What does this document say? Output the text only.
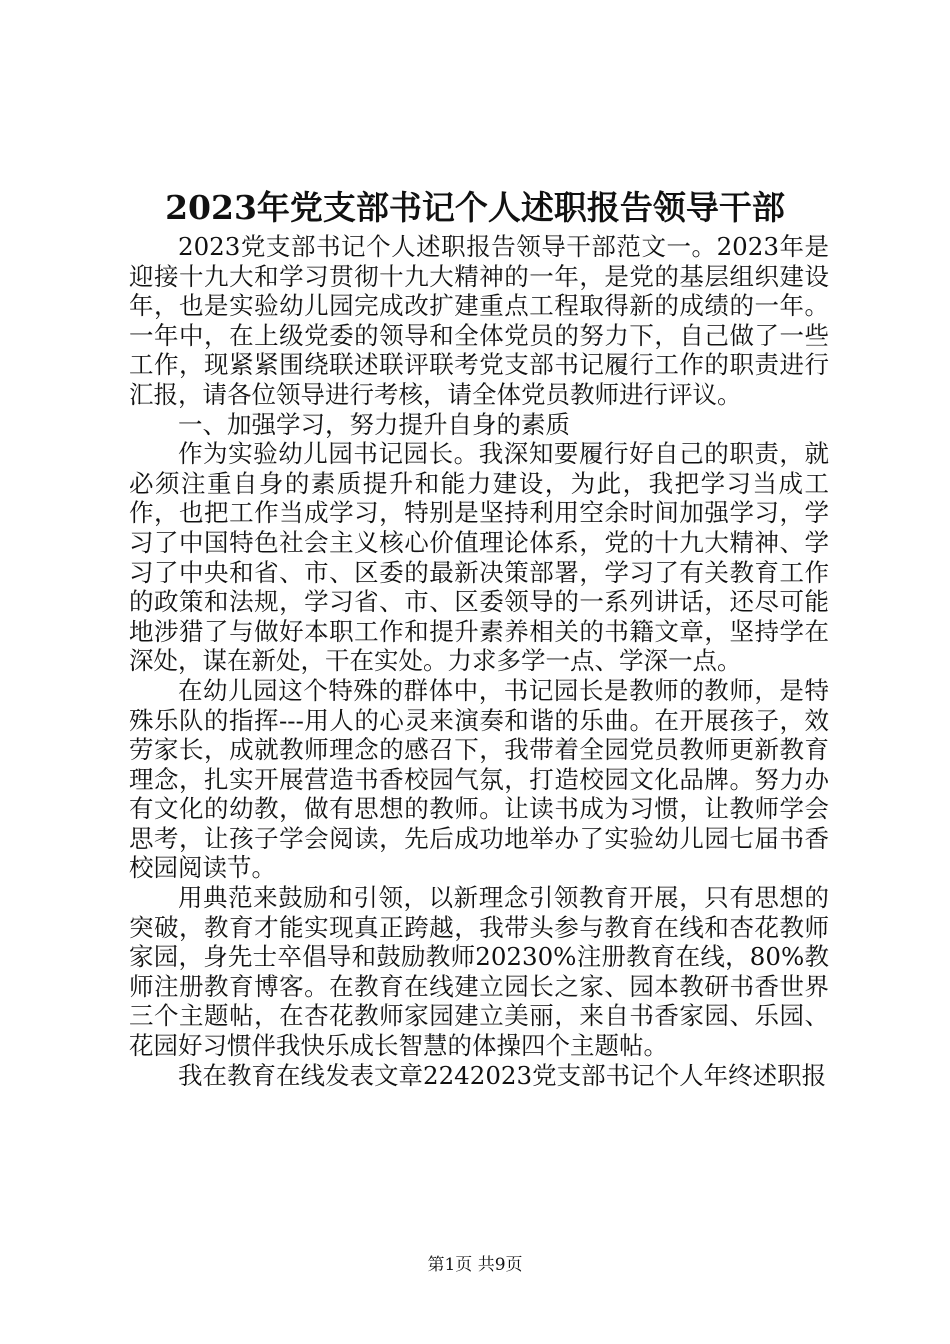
2023年党支部书记个人述职报告领导干部

2023党支部书记个人述职报告领导干部范文一。2023年是迎接十九大和学习贯彻十九大精神的一年，是党的基层组织建设年，也是实验幼儿园完成改扩建重点工程取得新的成绩的一年。一年中，在上级党委的领导和全体党员的努力下，自己做了一些工作，现紧紧围绕联述联评联考党支部书记履行工作的职责进行汇报，请各位领导进行考核，请全体党员教师进行评议。

一、加强学习，努力提升自身的素质

作为实验幼儿园书记园长。我深知要履行好自己的职责，就必须注重自身的素质提升和能力建设，为此，我把学习当成工作，也把工作当成学习，特别是坚持利用空余时间加强学习，学习了中国特色社会主义核心价值理论体系，党的十九大精神、学习了中央和省、市、区委的最新决策部署，学习了有关教育工作的政策和法规，学习省、市、区委领导的一系列讲话，还尽可能地涉猎了与做好本职工作和提升素养相关的书籍文章，坚持学在深处，谋在新处，干在实处。力求多学一点、学深一点。

在幼儿园这个特殊的群体中，书记园长是教师的教师，是特殊乐队的指挥---用人的心灵来演奏和谐的乐曲。在开展孩子，效劳家长，成就教师理念的感召下，我带着全园党员教师更新教育理念，扎实开展营造书香校园气氛，打造校园文化品牌。努力办有文化的幼教，做有思想的教师。让读书成为习惯，让教师学会思考，让孩子学会阅读，先后成功地举办了实验幼儿园七届书香校园阅读节。

用典范来鼓励和引领，以新理念引领教育开展，只有思想的突破，教育才能实现真正跨越，我带头参与教育在线和杏花教师家园，身先士卒倡导和鼓励教师20230%注册教育在线，80%教师注册教育博客。在教育在线建立园长之家、园本教研书香世界三个主题帖，在杏花教师家园建立美丽，来自书香家园、乐园、花园好习惯伴我快乐成长智慧的体操四个主题帖。

我在教育在线发表文章2242023党支部书记个人年终述职报

第1页 共9页
